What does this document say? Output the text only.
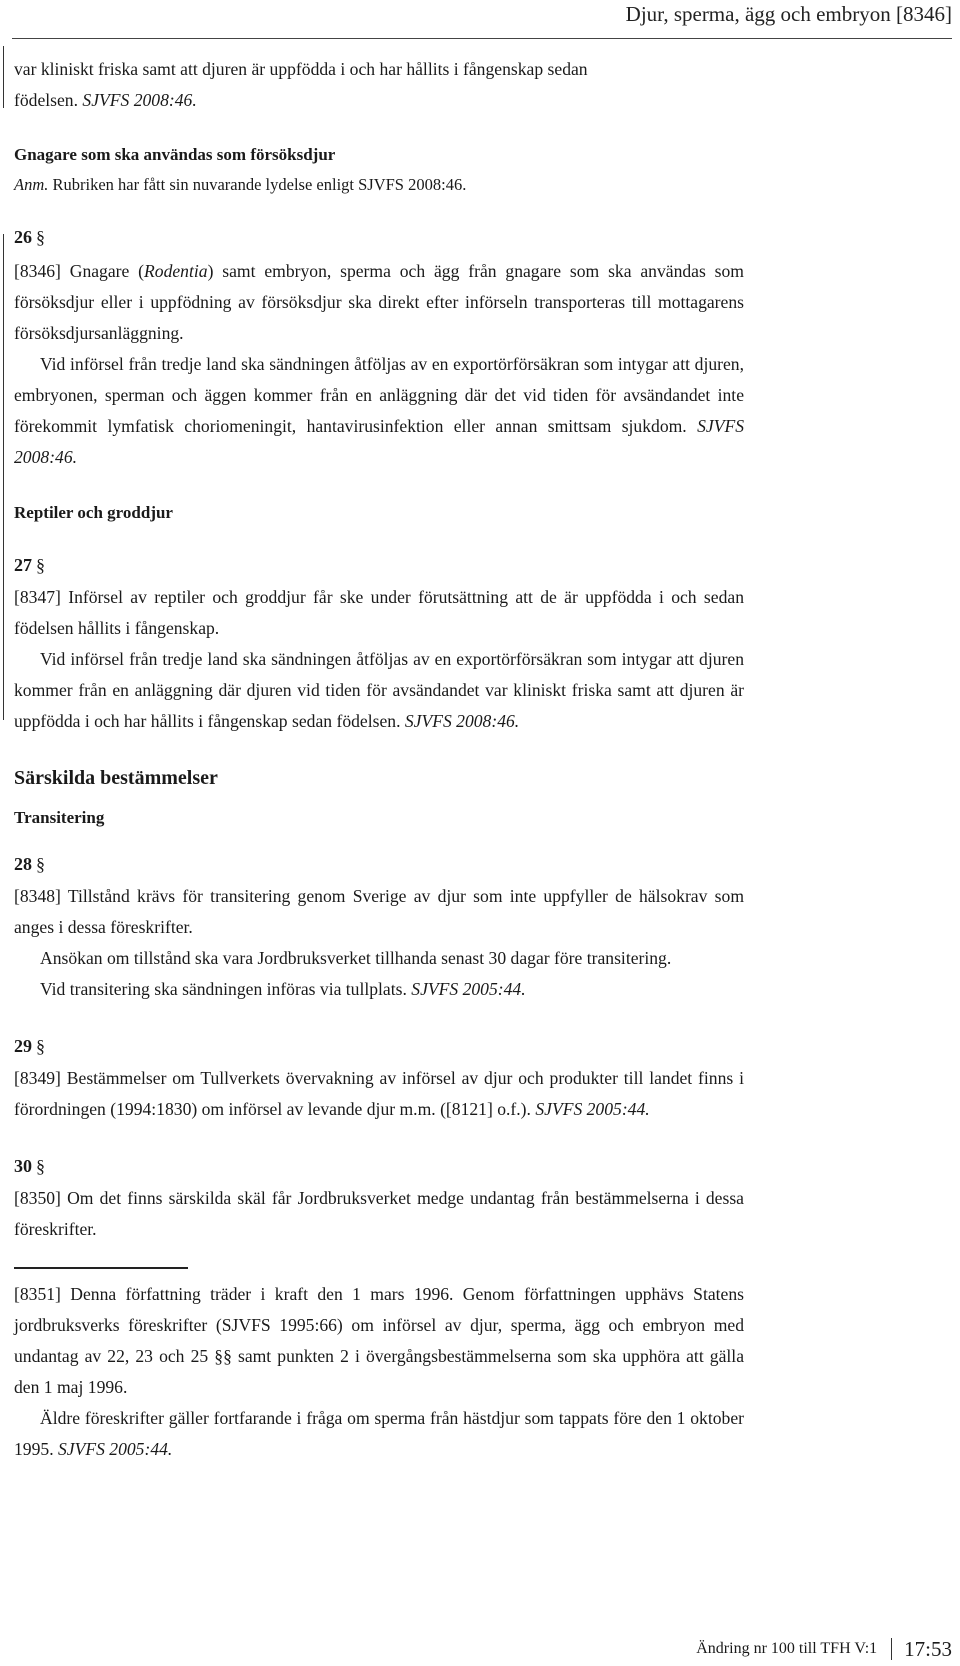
Djur, sperma, ägg och embryon [8346]

var kliniskt friska samt att djuren är uppfödda i och har hållits i fångenskap sedan
födelsen. SJVFS 2008:46.

Gnagare som ska användas som försöksdjur

Anm. Rubriken har fått sin nuvarande lydelse enligt SJVFS 2008:46.

26 §

[8346] Gnagare (Rodentia) samt embryon, sperma och ägg från gnagare som ska användas som försöksdjur eller i uppfödning av försöksdjur ska direkt efter införseln transporteras till mottagarens försöksdjursanläggning.

Vid införsel från tredje land ska sändningen åtföljas av en exportörförsäkran som intygar att djuren, embryonen, sperman och äggen kommer från en anläggning där det vid tiden för avsändandet inte förekommit lymfatisk choriomeningit, hantavirusinfektion eller annan smittsam sjukdom. SJVFS 2008:46.

Reptiler och groddjur

27 §

[8347] Införsel av reptiler och groddjur får ske under förutsättning att de är uppfödda i och sedan födelsen hållits i fångenskap.

Vid införsel från tredje land ska sändningen åtföljas av en exportörförsäkran som intygar att djuren kommer från en anläggning där djuren vid tiden för avsändandet var kliniskt friska samt att djuren är uppfödda i och har hållits i fångenskap sedan födelsen. SJVFS 2008:46.

Särskilda bestämmelser

Transitering

28 §

[8348] Tillstånd krävs för transitering genom Sverige av djur som inte uppfyller de hälsokrav som anges i dessa föreskrifter.

Ansökan om tillstånd ska vara Jordbruksverket tillhanda senast 30 dagar före transitering.

Vid transitering ska sändningen införas via tullplats. SJVFS 2005:44.

29 §

[8349] Bestämmelser om Tullverkets övervakning av införsel av djur och produkter till landet finns i förordningen (1994:1830) om införsel av levande djur m.m. ([8121] o.f.). SJVFS 2005:44.

30 §

[8350] Om det finns särskilda skäl får Jordbruksverket medge undantag från bestämmelserna i dessa föreskrifter.

[8351] Denna författning träder i kraft den 1 mars 1996. Genom författningen upphävs Statens jordbruksverks föreskrifter (SJVFS 1995:66) om införsel av djur, sperma, ägg och embryon med undantag av 22, 23 och 25 §§ samt punkten 2 i övergångsbestämmelserna som ska upphöra att gälla den 1 maj 1996.

Äldre föreskrifter gäller fortfarande i fråga om sperma från hästdjur som tappats före den 1 oktober 1995. SJVFS 2005:44.

Ändring nr 100 till TFH V:1	17:53
